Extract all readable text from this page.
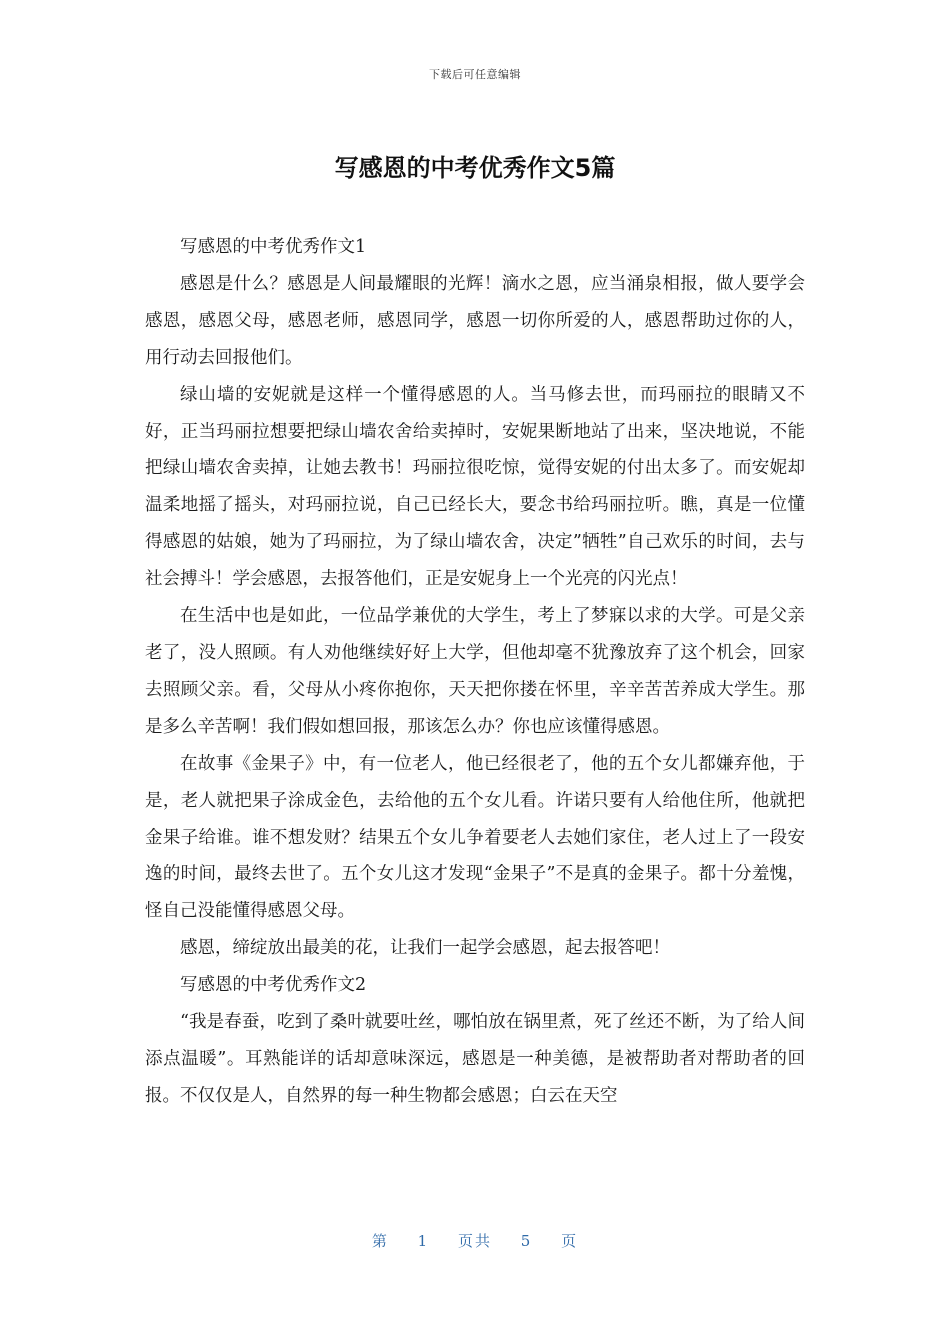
下载后可任意编辑
写感恩的中考优秀作文5篇

写感恩的中考优秀作文1

感恩是什么？感恩是人间最耀眼的光辉！滴水之恩，应当涌泉相报，做人要学会感恩，感恩父母，感恩老师，感恩同学，感恩一切你所爱的人，感恩帮助过你的人，用行动去回报他们。

绿山墙的安妮就是这样一个懂得感恩的人。当马修去世，而玛丽拉的眼睛又不好，正当玛丽拉想要把绿山墙农舍给卖掉时，安妮果断地站了出来，坚决地说，不能把绿山墙农舍卖掉，让她去教书！玛丽拉很吃惊，觉得安妮的付出太多了。而安妮却温柔地摇了摇头，对玛丽拉说，自己已经长大，要念书给玛丽拉听。瞧，真是一位懂得感恩的姑娘，她为了玛丽拉，为了绿山墙农舍，决定”牺牲”自己欢乐的时间，去与社会搏斗！学会感恩，去报答他们，正是安妮身上一个光亮的闪光点！

在生活中也是如此，一位品学兼优的大学生，考上了梦寐以求的大学。可是父亲老了，没人照顾。有人劝他继续好好上大学，但他却毫不犹豫放弃了这个机会，回家去照顾父亲。看，父母从小疼你抱你，天天把你搂在怀里，辛辛苦苦养成大学生。那是多么辛苦啊！我们假如想回报，那该怎么办？你也应该懂得感恩。

在故事《金果子》中，有一位老人，他已经很老了，他的五个女儿都嫌弃他，于是，老人就把果子涂成金色，去给他的五个女儿看。许诺只要有人给他住所，他就把金果子给谁。谁不想发财？结果五个女儿争着要老人去她们家住，老人过上了一段安逸的时间，最终去世了。五个女儿这才发现“金果子”不是真的金果子。都十分羞愧，怪自己没能懂得感恩父母。

感恩，缔绽放出最美的花，让我们一起学会感恩，起去报答吧！

写感恩的中考优秀作文2

“我是春蚕，吃到了桑叶就要吐丝，哪怕放在锅里煮，死了丝还不断，为了给人间添点温暖”。耳熟能详的话却意味深远，感恩是一种美德，是被帮助者对帮助者的回报。不仅仅是人，自然界的每一种生物都会感恩；白云在天空

第 1 页共 5 页
